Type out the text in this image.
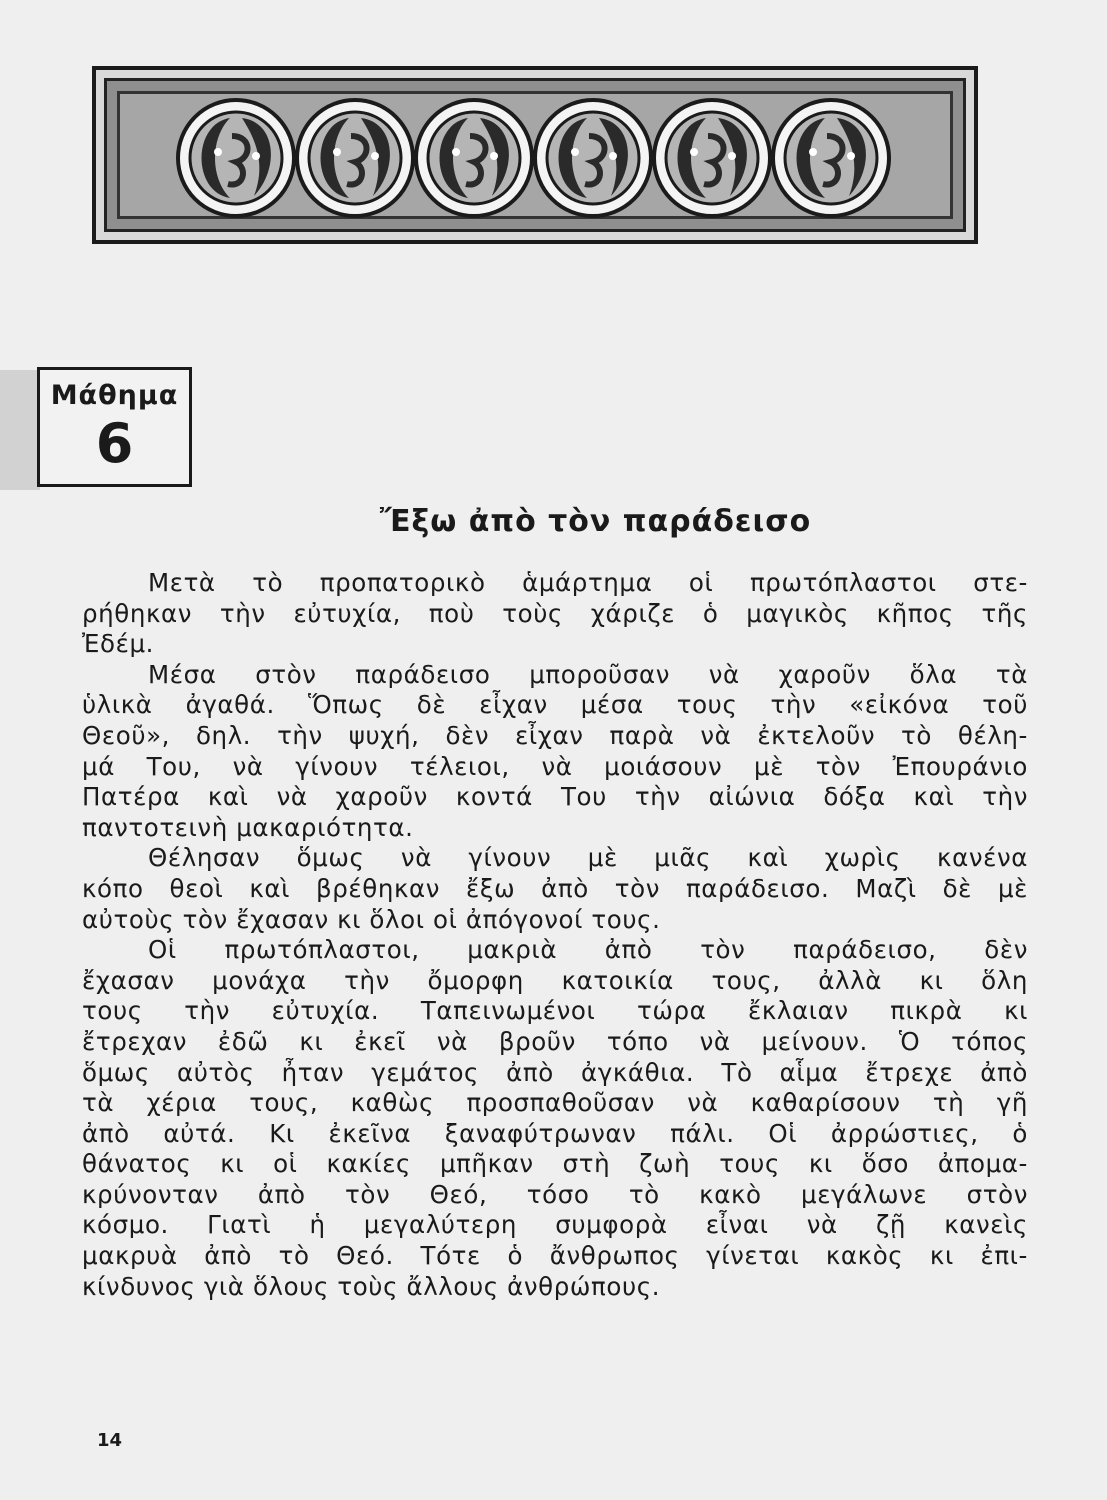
Μάθημα
6
Ἔξω ἀπὸ τὸν παράδεισο
Μετὰ τὸ προπατορικὸ ἁμάρτημα οἱ πρωτόπλαστοι στε-
ρήθηκαν τὴν εὐτυχία, ποὺ τοὺς χάριζε ὁ μαγικὸς κῆπος τῆς
Ἐδέμ.
Μέσα στὸν παράδεισο μποροῦσαν νὰ χαροῦν ὅλα τὰ
ὑλικὰ ἀγαθά. Ὅπως δὲ εἶχαν μέσα τους τὴν «εἰκόνα τοῦ
Θεοῦ», δηλ. τὴν ψυχή, δὲν εἶχαν παρὰ νὰ ἐκτελοῦν τὸ θέλη-
μά Του, νὰ γίνουν τέλειοι, νὰ μοιάσουν μὲ τὸν Ἐπουράνιο
Πατέρα καὶ νὰ χαροῦν κοντά Του τὴν αἰώνια δόξα καὶ τὴν
παντοτεινὴ μακαριότητα.
Θέλησαν ὅμως νὰ γίνουν μὲ μιᾶς καὶ χωρὶς κανένα
κόπο θεοὶ καὶ βρέθηκαν ἔξω ἀπὸ τὸν παράδεισο. Μαζὶ δὲ μὲ
αὐτοὺς τὸν ἔχασαν κι ὅλοι οἱ ἀπόγονοί τους.
Οἱ πρωτόπλαστοι, μακριὰ ἀπὸ τὸν παράδεισο, δὲν
ἔχασαν μονάχα τὴν ὄμορφη κατοικία τους, ἀλλὰ κι ὅλη
τους τὴν εὐτυχία. Ταπεινωμένοι τώρα ἔκλαιαν πικρὰ κι
ἔτρεχαν ἐδῶ κι ἐκεῖ νὰ βροῦν τόπο νὰ μείνουν. Ὁ τόπος
ὅμως αὐτὸς ἦταν γεμάτος ἀπὸ ἀγκάθια. Τὸ αἷμα ἔτρεχε ἀπὸ
τὰ χέρια τους, καθὼς προσπαθοῦσαν νὰ καθαρίσουν τὴ γῆ
ἀπὸ αὐτά. Κι ἐκεῖνα ξαναφύτρωναν πάλι. Οἱ ἀρρώστιες, ὁ
θάνατος κι οἱ κακίες μπῆκαν στὴ ζωὴ τους κι ὅσο ἀπομα-
κρύνονταν ἀπὸ τὸν Θεό, τόσο τὸ κακὸ μεγάλωνε στὸν
κόσμο. Γιατὶ ἡ μεγαλύτερη συμφορὰ εἶναι νὰ ζῇ κανεὶς
μακρυὰ ἀπὸ τὸ Θεό. Τότε ὁ ἄνθρωπος γίνεται κακὸς κι ἐπι-
κίνδυνος γιὰ ὅλους τοὺς ἄλλους ἀνθρώπους.
14
